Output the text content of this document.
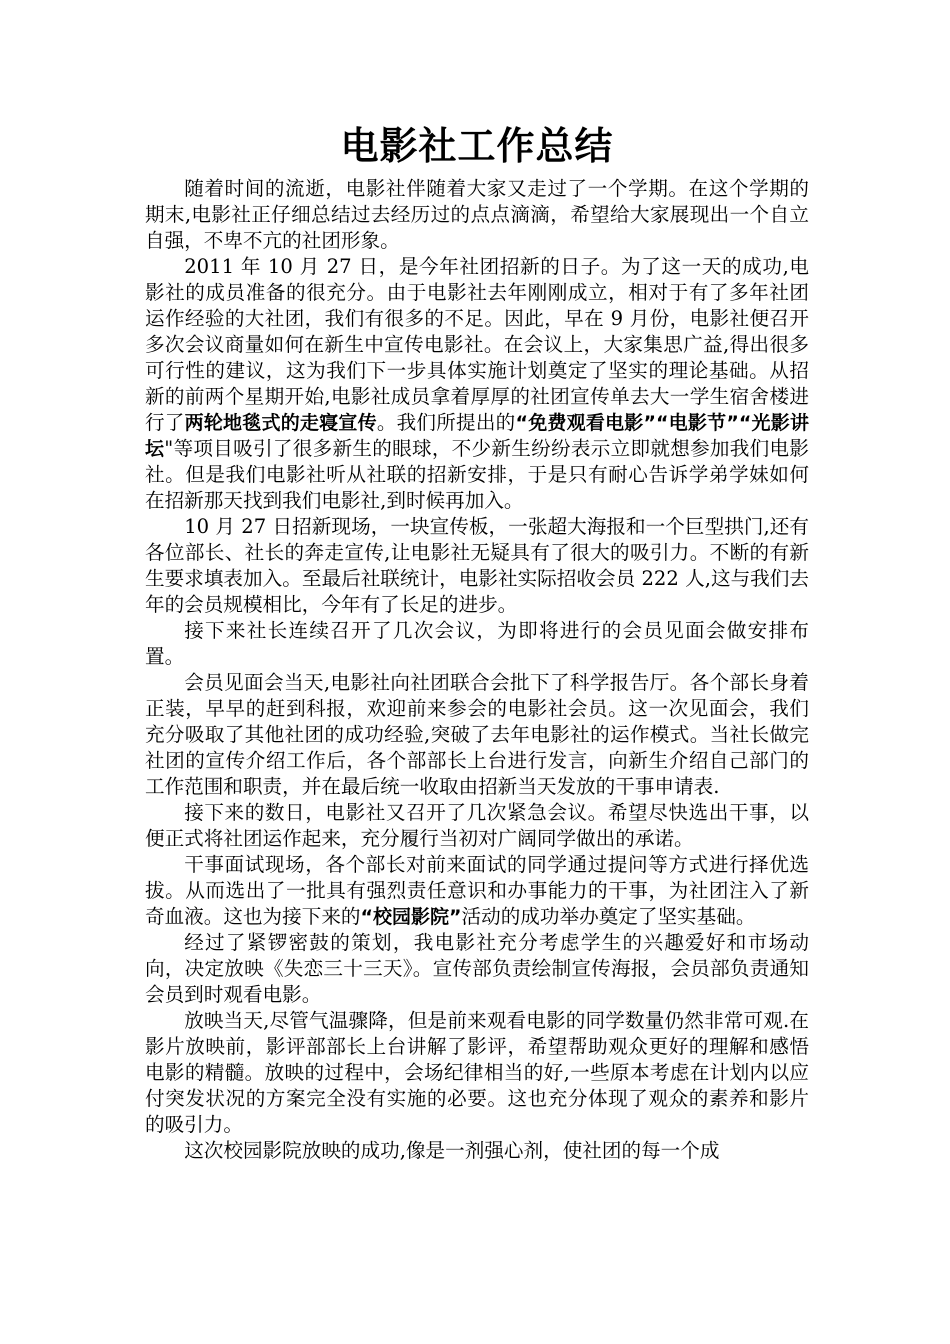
电影社工作总结

随着时间的流逝，电影社伴随着大家又走过了一个学期。在这个学期的期末,电影社正仔细总结过去经历过的点点滴滴，希望给大家展现出一个自立自强，不卑不亢的社团形象。

2011 年 10 月 27 日，是今年社团招新的日子。为了这一天的成功,电影社的成员准备的很充分。由于电影社去年刚刚成立，相对于有了多年社团运作经验的大社团，我们有很多的不足。因此，早在 9 月份，电影社便召开多次会议商量如何在新生中宣传电影社。在会议上，大家集思广益,得出很多可行性的建议，这为我们下一步具体实施计划奠定了坚实的理论基础。从招新的前两个星期开始,电影社成员拿着厚厚的社团宣传单去大一学生宿舍楼进行了两轮地毯式的走寝宣传。我们所提出的“免费观看电影”“电影节”“光影讲坛"等项目吸引了很多新生的眼球，不少新生纷纷表示立即就想参加我们电影社。但是我们电影社听从社联的招新安排，于是只有耐心告诉学弟学妹如何在招新那天找到我们电影社,到时候再加入。

10 月 27 日招新现场，一块宣传板，一张超大海报和一个巨型拱门,还有各位部长、社长的奔走宣传,让电影社无疑具有了很大的吸引力。不断的有新生要求填表加入。至最后社联统计，电影社实际招收会员 222 人,这与我们去年的会员规模相比，今年有了长足的进步。

接下来社长连续召开了几次会议，为即将进行的会员见面会做安排布置。

会员见面会当天,电影社向社团联合会批下了科学报告厅。各个部长身着正装，早早的赶到科报，欢迎前来参会的电影社会员。这一次见面会，我们充分吸取了其他社团的成功经验,突破了去年电影社的运作模式。当社长做完社团的宣传介绍工作后，各个部部长上台进行发言，向新生介绍自己部门的工作范围和职责，并在最后统一收取由招新当天发放的干事申请表.

接下来的数日，电影社又召开了几次紧急会议。希望尽快选出干事，以便正式将社团运作起来，充分履行当初对广阔同学做出的承诺。

干事面试现场，各个部长对前来面试的同学通过提问等方式进行择优选拔。从而选出了一批具有强烈责任意识和办事能力的干事，为社团注入了新奇血液。这也为接下来的“校园影院”活动的成功举办奠定了坚实基础。

经过了紧锣密鼓的策划，我电影社充分考虑学生的兴趣爱好和市场动向，决定放映《失恋三十三天》。宣传部负责绘制宣传海报，会员部负责通知会员到时观看电影。

放映当天,尽管气温骤降，但是前来观看电影的同学数量仍然非常可观.在影片放映前，影评部部长上台讲解了影评，希望帮助观众更好的理解和感悟电影的精髓。放映的过程中，会场纪律相当的好,一些原本考虑在计划内以应付突发状况的方案完全没有实施的必要。这也充分体现了观众的素养和影片的吸引力。

这次校园影院放映的成功,像是一剂强心剂，使社团的每一个成
